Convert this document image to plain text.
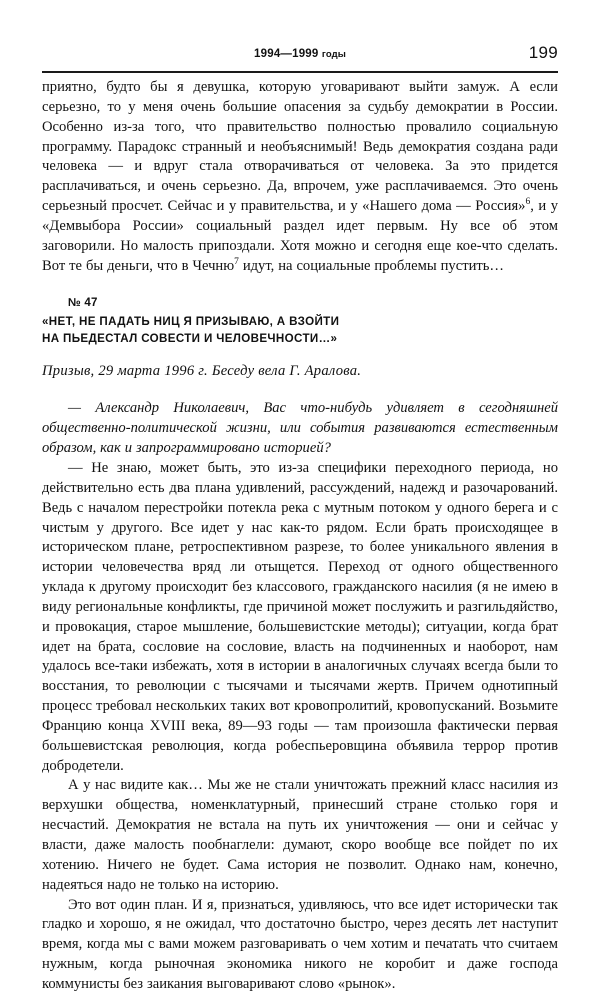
1994—1999 годы	199

приятно, будто бы я девушка, которую уговаривают выйти замуж. А если серьезно, то у меня очень большие опасения за судьбу демократии в России. Особенно из-за того, что правительство полностью провалило социальную программу. Парадокс странный и необъяснимый! Ведь демократия создана ради человека — и вдруг стала отворачиваться от человека. За это придется расплачиваться, и очень серьезно. Да, впрочем, уже расплачиваемся. Это очень серьезный просчет. Сейчас и у правительства, и у «Нашего дома — Россия»$^6$, и у «Демвыбора России» социальный раздел идет первым. Ну все об этом заговорили. Но малость припоздали. Хотя можно и сегодня еще кое-что сделать. Вот те бы деньги, что в Чечню$^7$ идут, на социальные проблемы пустить…

№ 47
«НЕТ, НЕ ПАДАТЬ НИЦ Я ПРИЗЫВАЮ, А ВЗОЙТИ
НА ПЬЕДЕСТАЛ СОВЕСТИ И ЧЕЛОВЕЧНОСТИ…»
Призыв, 29 марта 1996 г. Беседу вела Г. Аралова.

— Александр Николаевич, Вас что-нибудь удивляет в сегодняшней общественно-политической жизни, или события развиваются естественным образом, как и запрограммировано историей?

— Не знаю, может быть, это из-за специфики переходного периода, но действительно есть два плана удивлений, рассуждений, надежд и разочарований. Ведь с началом перестройки потекла река с мутным потоком у одного берега и с чистым у другого. Все идет у нас как-то рядом. Если брать происходящее в историческом плане, ретроспективном разрезе, то более уникального явления в истории человечества вряд ли отыщется. Переход от одного общественного уклада к другому происходит без классового, гражданского насилия (я не имею в виду региональные конфликты, где причиной может послужить и разгильдяйство, и провокация, старое мышление, большевистские методы); ситуации, когда брат идет на брата, сословие на сословие, власть на подчиненных и наоборот, нам удалось все-таки избежать, хотя в истории в аналогичных случаях всегда были то восстания, то революции с тысячами и тысячами жертв. Причем однотипный процесс требовал нескольких таких вот кровопролитий, кровопусканий. Возьмите Францию конца XVIII века, 89—93 годы — там произошла фактически первая большевистская революция, когда робеспьеровщина объявила террор против добродетели.

А у нас видите как… Мы же не стали уничтожать прежний класс насилия из верхушки общества, номенклатурный, принесший стране столько горя и несчастий. Демократия не встала на путь их уничтожения — они и сейчас у власти, даже малость пообнаглели: думают, скоро вообще все пойдет по их хотению. Ничего не будет. Сама история не позволит. Однако нам, конечно, надеяться надо не только на историю.

Это вот один план. И я, признаться, удивляюсь, что все идет исторически так гладко и хорошо, я не ожидал, что достаточно быстро, через десять лет наступит время, когда мы с вами можем разговаривать о чем хотим и печатать что считаем нужным, когда рыночная экономика никого не коробит и даже господа коммунисты без заикания выговаривают слово «рынок».
